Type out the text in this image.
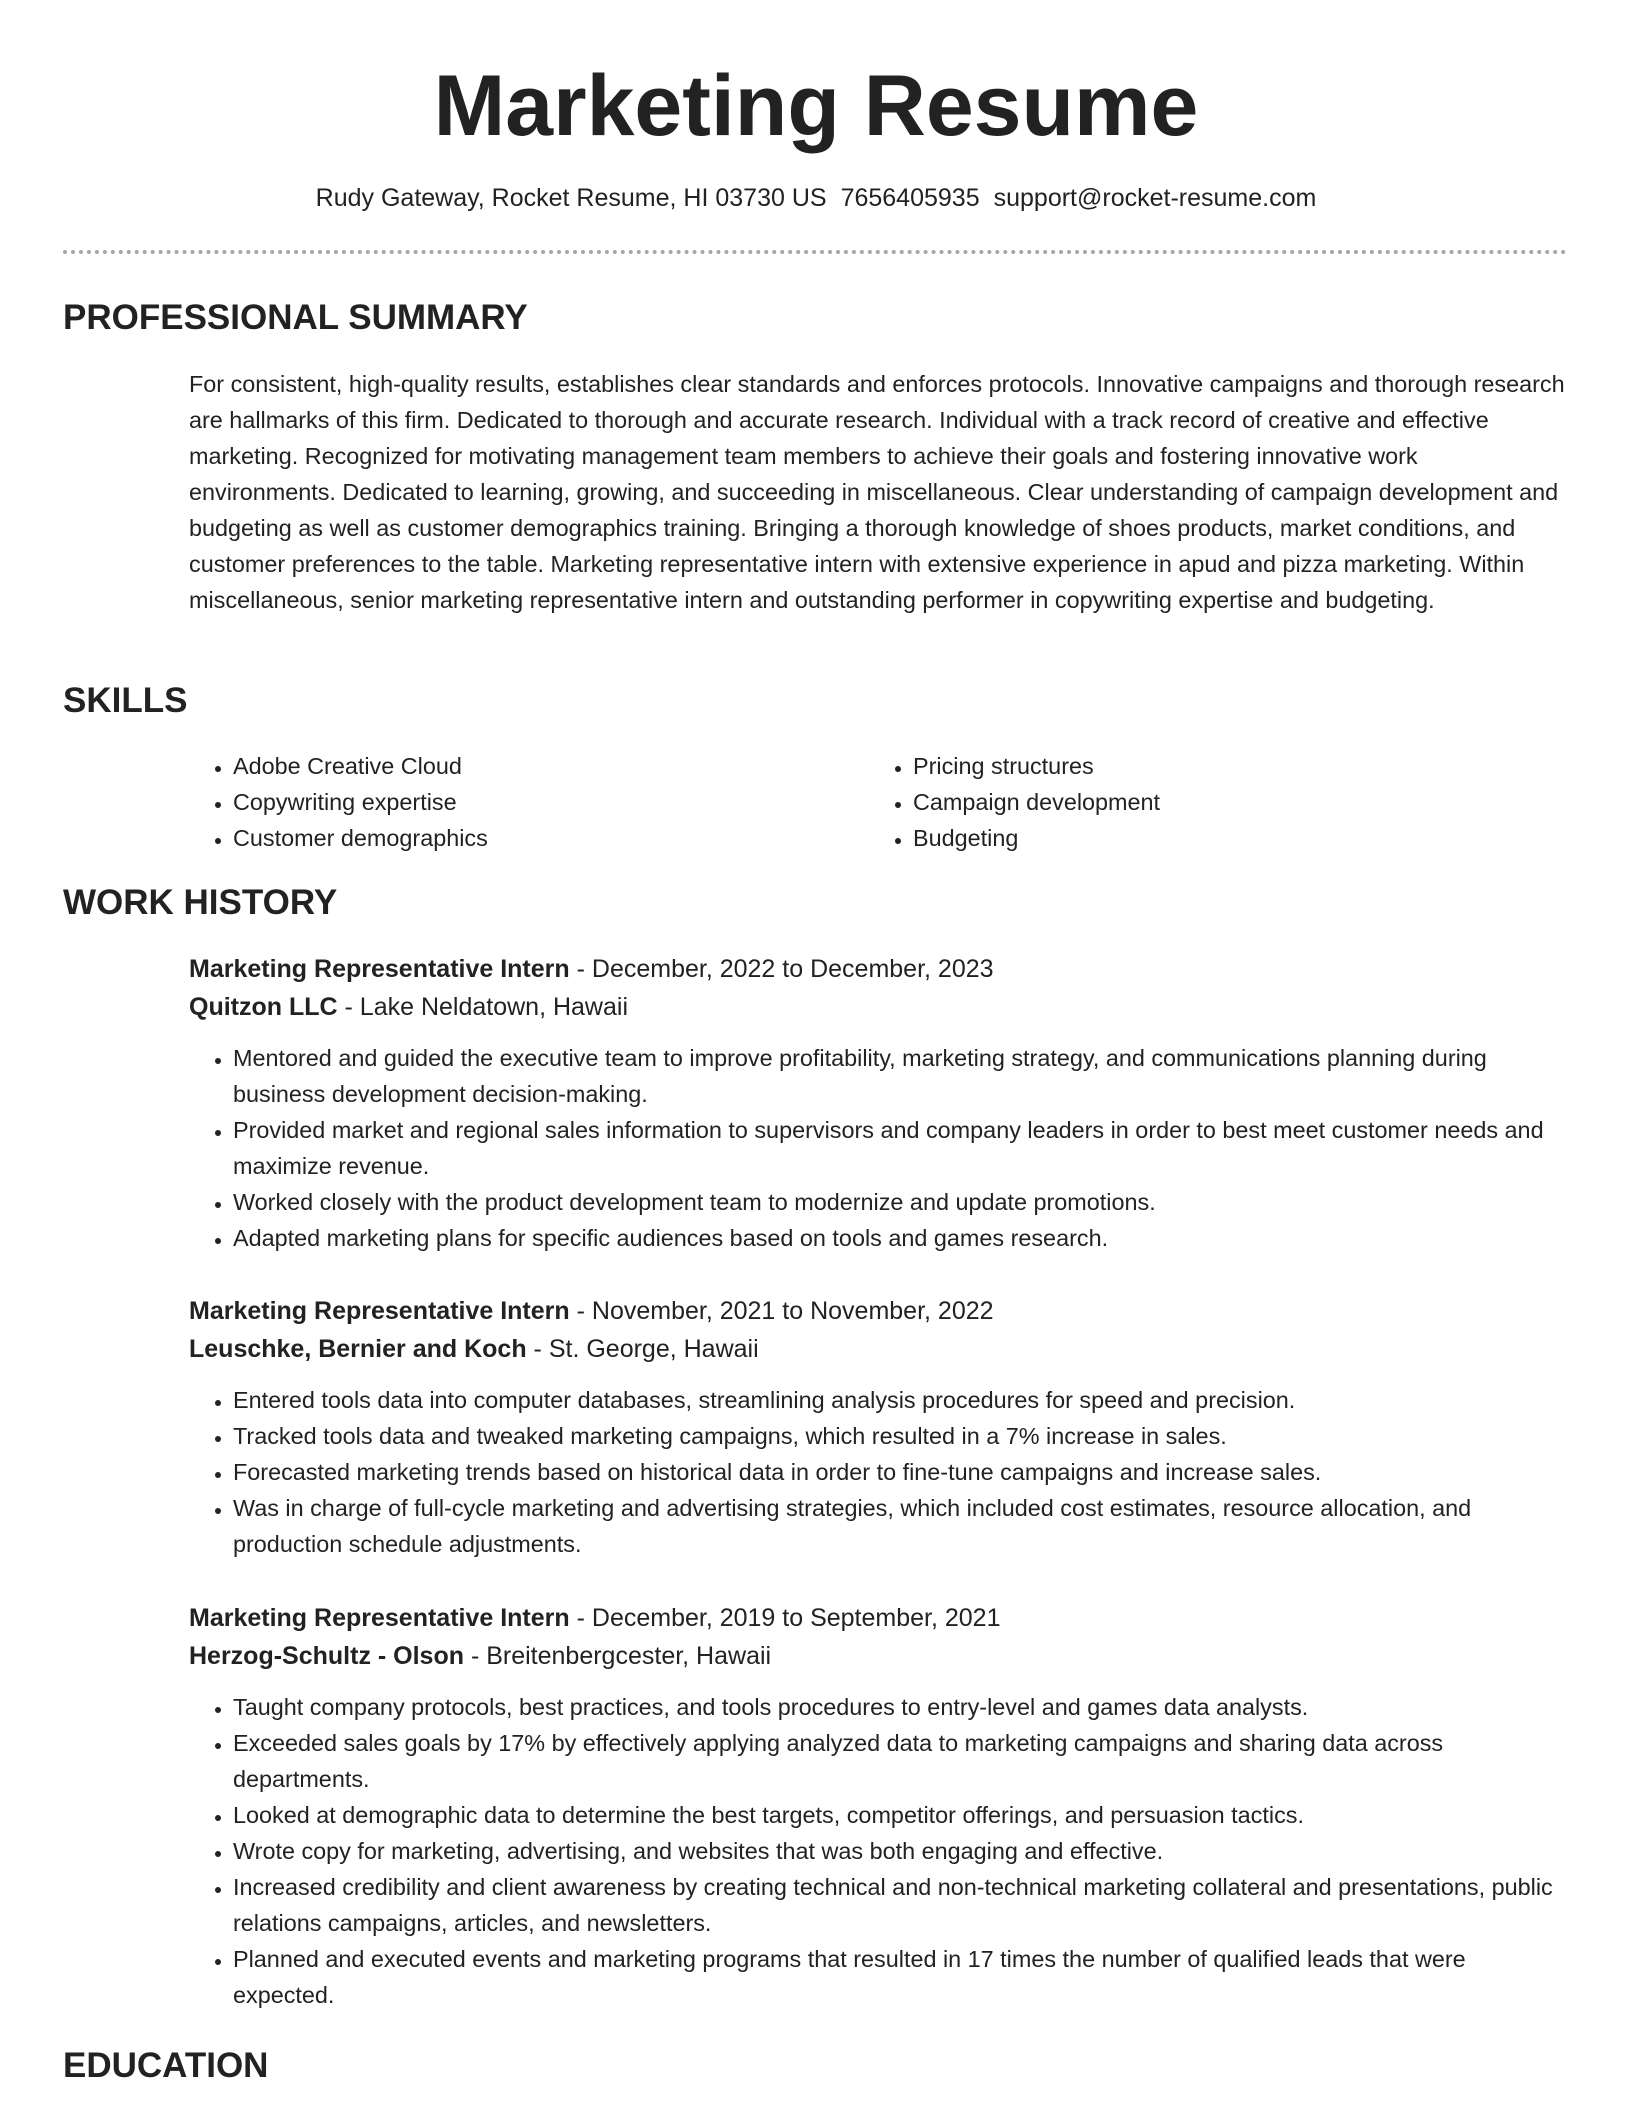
Marketing Resume
Rudy Gateway, Rocket Resume, HI 03730 US 7656405935 support@rocket-resume.com
PROFESSIONAL SUMMARY

For consistent, high-quality results, establishes clear standards and enforces protocols. Innovative campaigns and thorough research are hallmarks of this firm. Dedicated to thorough and accurate research. Individual with a track record of creative and effective marketing. Recognized for motivating management team members to achieve their goals and fostering innovative work environments. Dedicated to learning, growing, and succeeding in miscellaneous. Clear understanding of campaign development and budgeting as well as customer demographics training. Bringing a thorough knowledge of shoes products, market conditions, and customer preferences to the table. Marketing representative intern with extensive experience in apud and pizza marketing. Within miscellaneous, senior marketing representative intern and outstanding performer in copywriting expertise and budgeting.

SKILLS
• Adobe Creative Cloud
• Copywriting expertise
• Customer demographics
• Pricing structures
• Campaign development
• Budgeting
WORK HISTORY

Marketing Representative Intern - December, 2022 to December, 2023

Quitzon LLC - Lake Neldatown, Hawaii

• Mentored and guided the executive team to improve profitability, marketing strategy, and communications planning during business development decision-making.
• Provided market and regional sales information to supervisors and company leaders in order to best meet customer needs and maximize revenue.
• Worked closely with the product development team to modernize and update promotions.
• Adapted marketing plans for specific audiences based on tools and games research.

Marketing Representative Intern - November, 2021 to November, 2022

Leuschke, Bernier and Koch - St. George, Hawaii

• Entered tools data into computer databases, streamlining analysis procedures for speed and precision.
• Tracked tools data and tweaked marketing campaigns, which resulted in a 7% increase in sales.
• Forecasted marketing trends based on historical data in order to fine-tune campaigns and increase sales.
• Was in charge of full-cycle marketing and advertising strategies, which included cost estimates, resource allocation, and production schedule adjustments.

Marketing Representative Intern - December, 2019 to September, 2021

Herzog-Schultz - Olson - Breitenbergcester, Hawaii

• Taught company protocols, best practices, and tools procedures to entry-level and games data analysts.
• Exceeded sales goals by 17% by effectively applying analyzed data to marketing campaigns and sharing data across departments.
• Looked at demographic data to determine the best targets, competitor offerings, and persuasion tactics.
• Wrote copy for marketing, advertising, and websites that was both engaging and effective.
• Increased credibility and client awareness by creating technical and non-technical marketing collateral and presentations, public relations campaigns, articles, and newsletters.
• Planned and executed events and marketing programs that resulted in 17 times the number of qualified leads that were expected.
EDUCATION
